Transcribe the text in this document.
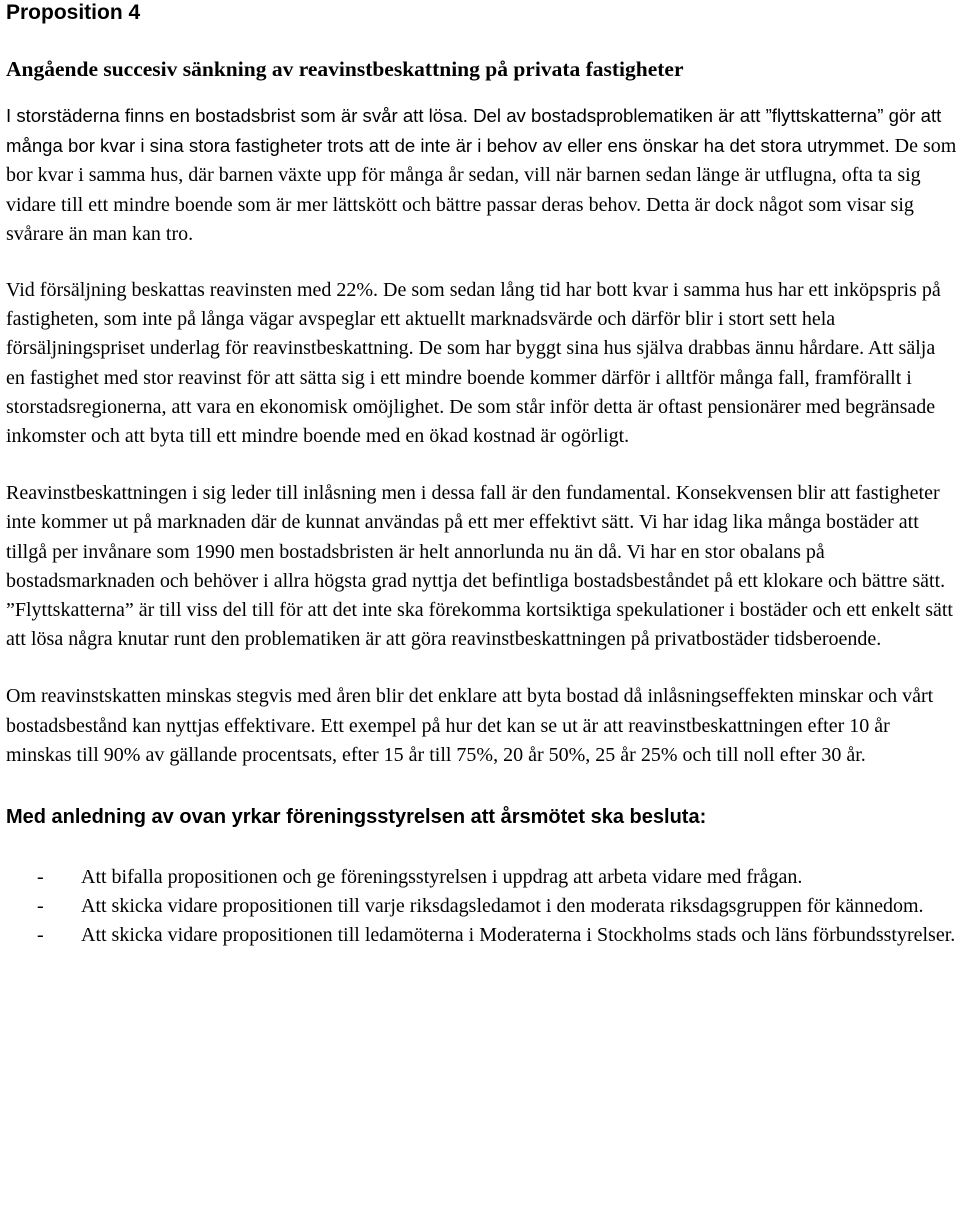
Proposition 4
Angående succesiv sänkning av reavinstbeskattning på privata fastigheter

I storstäderna finns en bostadsbrist som är svår att lösa. Del av bostadsproblematiken är att ”flyttskatterna” gör att många bor kvar i sina stora fastigheter trots att de inte är i behov av eller ens önskar ha det stora utrymmet. De som bor kvar i samma hus, där barnen växte upp för många år sedan, vill när barnen sedan länge är utflugna, ofta ta sig vidare till ett mindre boende som är mer lättskött och bättre passar deras behov. Detta är dock något som visar sig svårare än man kan tro.

Vid försäljning beskattas reavinsten med 22%. De som sedan lång tid har bott kvar i samma hus har ett inköpspris på fastigheten, som inte på långa vägar avspeglar ett aktuellt marknadsvärde och därför blir i stort sett hela försäljningspriset underlag för reavinstbeskattning. De som har byggt sina hus själva drabbas ännu hårdare. Att sälja en fastighet med stor reavinst för att sätta sig i ett mindre boende kommer därför i alltför många fall, framförallt i storstadsregionerna, att vara en ekonomisk omöjlighet. De som står inför detta är oftast pensionärer med begränsade inkomster och att byta till ett mindre boende med en ökad kostnad är ogörligt.

Reavinstbeskattningen i sig leder till inlåsning men i dessa fall är den fundamental. Konsekvensen blir att fastigheter inte kommer ut på marknaden där de kunnat användas på ett mer effektivt sätt. Vi har idag lika många bostäder att tillgå per invånare som 1990 men bostadsbristen är helt annorlunda nu än då. Vi har en stor obalans på bostadsmarknaden och behöver i allra högsta grad nyttja det befintliga bostadsbeståndet på ett klokare och bättre sätt. ”Flyttskatterna” är till viss del till för att det inte ska förekomma kortsiktiga spekulationer i bostäder och ett enkelt sätt att lösa några knutar runt den problematiken är att göra reavinstbeskattningen på privatbostäder tidsberoende.

Om reavinstskatten minskas stegvis med åren blir det enklare att byta bostad då inlåsningseffekten minskar och vårt bostadsbestånd kan nyttjas effektivare. Ett exempel på hur det kan se ut är att reavinstbeskattningen efter 10 år minskas till 90% av gällande procentsats, efter 15 år till 75%, 20 år 50%, 25 år 25% och till noll efter 30 år.

Med anledning av ovan yrkar föreningsstyrelsen att årsmötet ska besluta:
- Att bifalla propositionen och ge föreningsstyrelsen i uppdrag att arbeta vidare med frågan.
- Att skicka vidare propositionen till varje riksdagsledamot i den moderata riksdagsgruppen för kännedom.
- Att skicka vidare propositionen till ledamöterna i Moderaterna i Stockholms stads och läns förbundsstyrelser.
